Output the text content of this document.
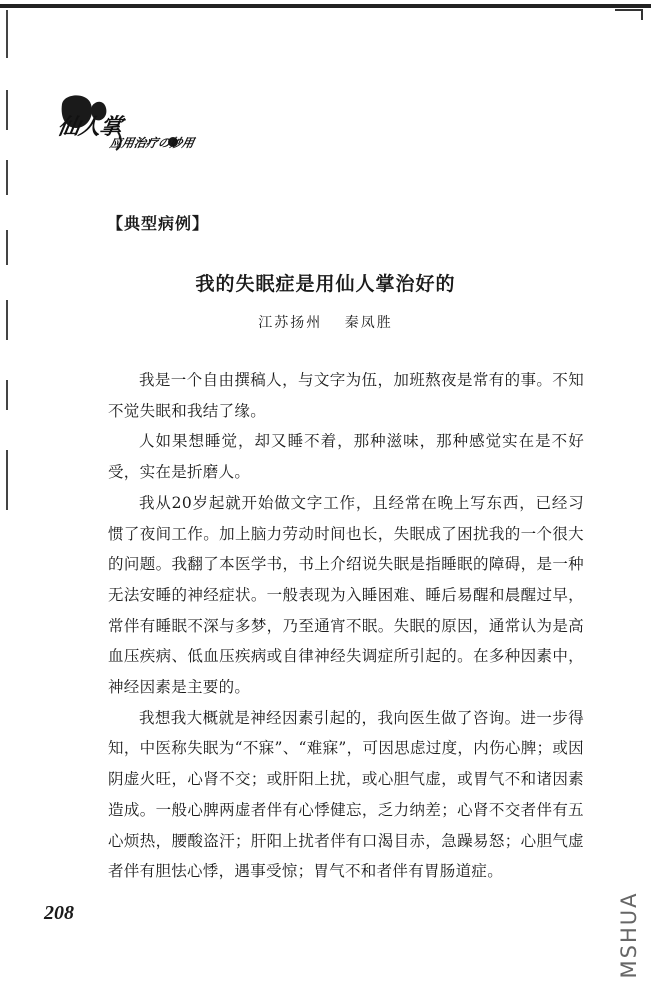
仙人掌
应用治疗の妙用
【典型病例】
我的失眠症是用仙人掌治好的
江苏扬州 秦凤胜

我是一个自由撰稿人，与文字为伍，加班熬夜是常有的事。不知不觉失眠和我结了缘。

人如果想睡觉，却又睡不着，那种滋味，那种感觉实在是不好受，实在是折磨人。

我从20岁起就开始做文字工作，且经常在晚上写东西，已经习惯了夜间工作。加上脑力劳动时间也长，失眠成了困扰我的一个很大的问题。我翻了本医学书，书上介绍说失眠是指睡眠的障碍，是一种无法安睡的神经症状。一般表现为入睡困难、睡后易醒和晨醒过早，常伴有睡眠不深与多梦，乃至通宵不眠。失眠的原因，通常认为是高血压疾病、低血压疾病或自律神经失调症所引起的。在多种因素中，神经因素是主要的。

我想我大概就是神经因素引起的，我向医生做了咨询。进一步得知，中医称失眠为“不寐”、“难寐”，可因思虑过度，内伤心脾；或因阴虚火旺，心肾不交；或肝阳上扰，或心胆气虚，或胃气不和诸因素造成。一般心脾两虚者伴有心悸健忘，乏力纳差；心肾不交者伴有五心烦热，腰酸盗汗；肝阳上扰者伴有口渴目赤，急躁易怒；心胆气虚者伴有胆怯心悸，遇事受惊；胃气不和者伴有胃肠道症。

208	MSHUA
